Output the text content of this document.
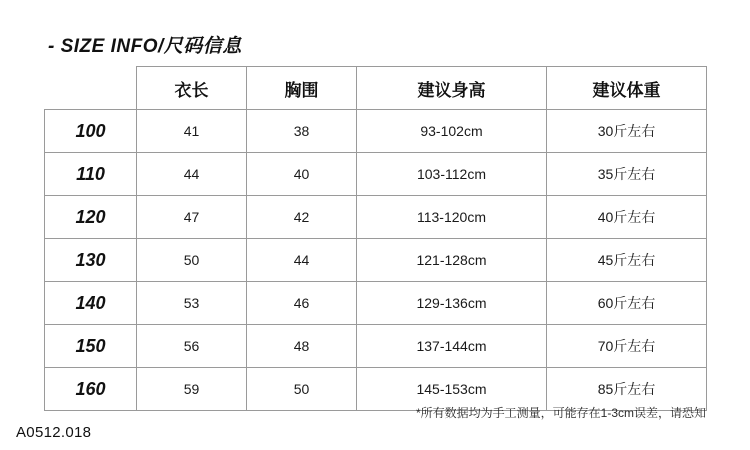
- SIZE INFO/尺码信息
	衣长	胸围	建议身高	建议体重
100	41	38	93-102cm	30斤左右
110	44	40	103-112cm	35斤左右
120	47	42	113-120cm	40斤左右
130	50	44	121-128cm	45斤左右
140	53	46	129-136cm	60斤左右
150	56	48	137-144cm	70斤左右
160	59	50	145-153cm	85斤左右
*所有数据均为手工测量，可能存在1-3cm误差，请恐知
A0512.018
